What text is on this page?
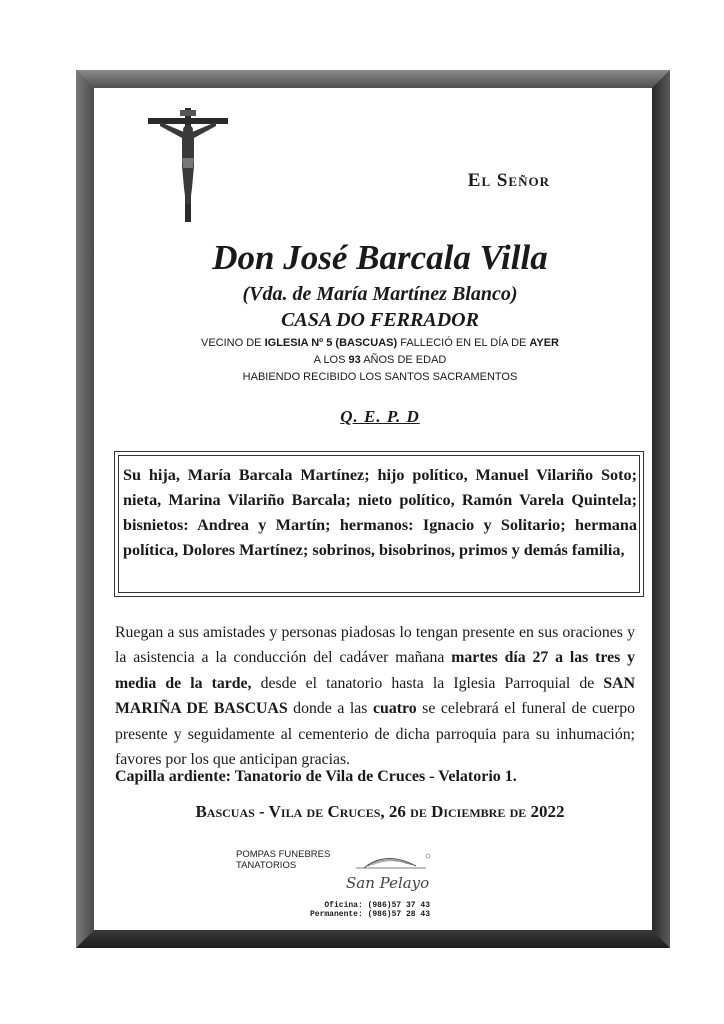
El Señor
Don José Barcala Villa
(Vda. de María Martínez Blanco)
CASA DO FERRADOR
VECINO DE IGLESIA Nº 5 (BASCUAS) FALLECIÓ EN EL DÍA DE AYER
A LOS 93 AÑOS DE EDAD
HABIENDO RECIBIDO LOS SANTOS SACRAMENTOS
Q. E. P. D
Su hija, María Barcala Martínez; hijo político, Manuel Vilariño Soto; nieta, Marina Vilariño Barcala; nieto político, Ramón Varela Quintela; bisnietos: Andrea y Martín; hermanos: Ignacio y Solitario; hermana política, Dolores Martínez; sobrinos, bisobrinos, primos y demás familia,
Ruegan a sus amistades y personas piadosas lo tengan presente en sus oraciones y la asistencia a la conducción del cadáver mañana martes día 27 a las tres y media de la tarde, desde el tanatorio hasta la Iglesia Parroquial de SAN MARIÑA DE BASCUAS donde a las cuatro se celebrará el funeral de cuerpo presente y seguidamente al cementerio de dicha parroquia para su inhumación; favores por los que anticipan gracias.
Capilla ardiente: Tanatorio de Vila de Cruces - Velatorio 1.
Bascuas - Vila de Cruces, 26 de Diciembre de 2022
POMPAS FUNEBRES
TANATORIOS
San Pelayo
Oficina: (986)57 37 43
Permanente: (986)57 28 43
